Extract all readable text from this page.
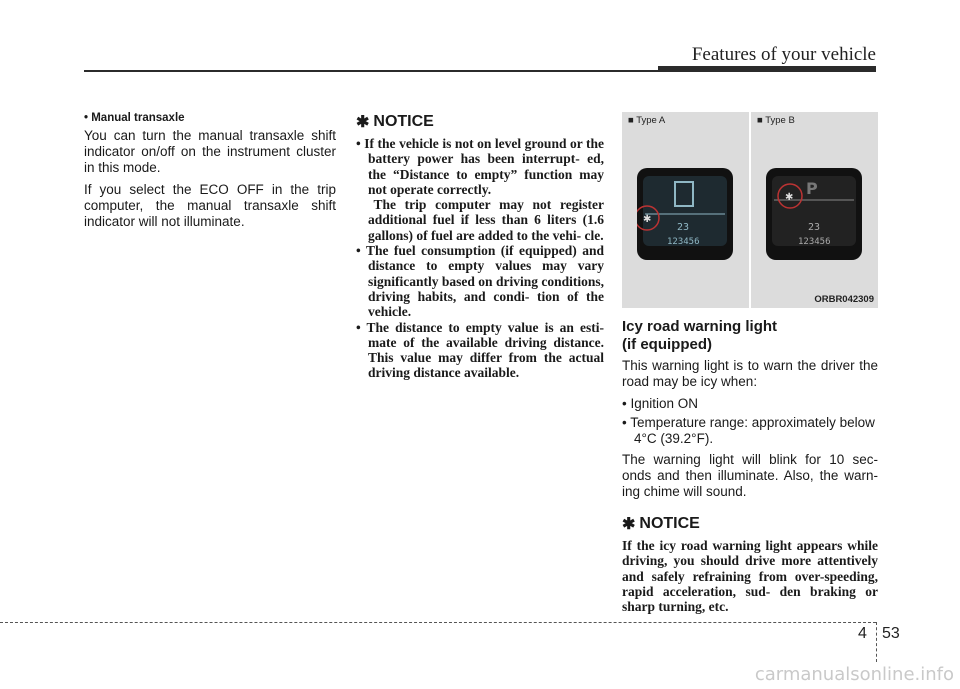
Features of your vehicle

• Manual transaxle

You can turn the manual transaxle shift indicator on/off on the instrument cluster in this mode.

If you select the ECO OFF in the trip computer, the manual transaxle shift indicator will not illuminate.

✱ NOTICE
• If the vehicle is not on level ground or the battery power has been interrupt- ed, the “Distance to empty” function may not operate correctly.
The trip computer may not register additional fuel if less than 6 liters (1.6 gallons) of fuel are added to the vehi- cle.
• The fuel consumption (if equipped) and distance to empty values may vary significantly based on driving conditions, driving habits, and condi- tion of the vehicle.
• The distance to empty value is an esti- mate of the available driving distance. This value may differ from the actual driving distance available.
■ Type A
23
123456
✱
■ Type B
P
23
123456
✱
ORBR042309
Icy road warning light
(if equipped)

This warning light is to warn the driver the road may be icy when:

• Ignition ON
• Temperature range: approximately below 4°C (39.2°F).

The warning light will blink for 10 sec- onds and then illuminate. Also, the warn- ing chime will sound.

✱ NOTICE

If the icy road warning light appears while driving, you should drive more attentively and safely refraining from over-speeding, rapid acceleration, sud- den braking or sharp turning, etc.

4 53
carmanualsonline.info
